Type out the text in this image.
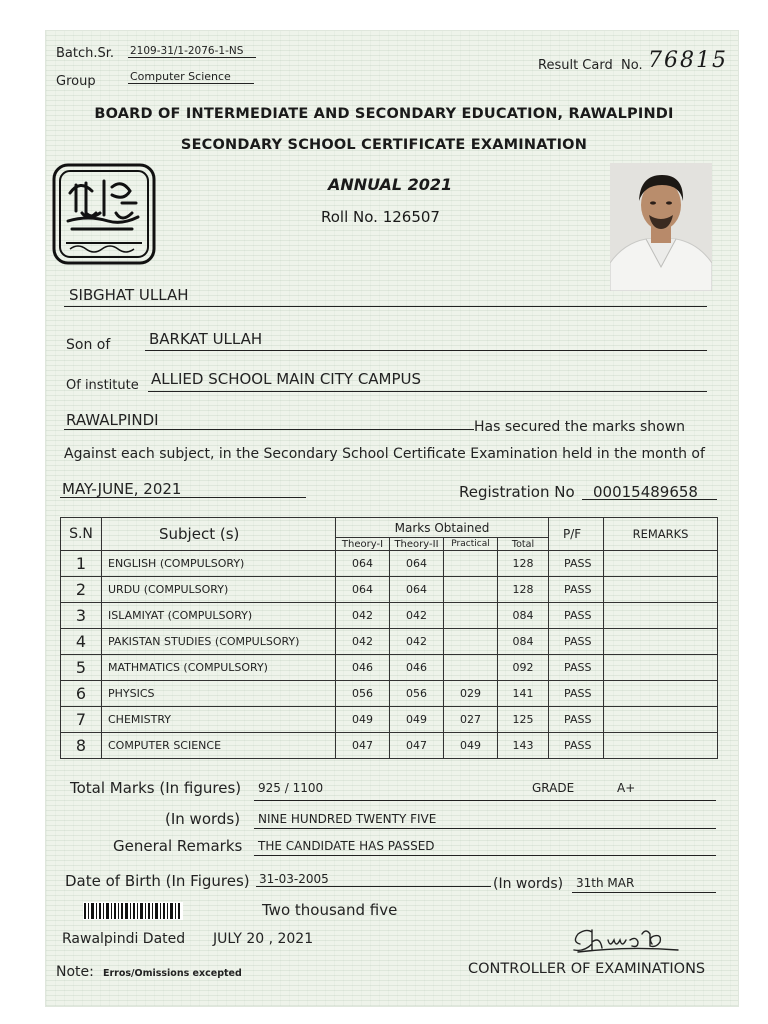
Batch.Sr. 2109-31/1-2076-1-NS
Group	Computer Science
Result Card No. 76815
BOARD OF INTERMEDIATE AND SECONDARY EDUCATION, RAWALPINDI
SECONDARY SCHOOL CERTIFICATE EXAMINATION
ANNUAL 2021
Roll No. 126507
SIBGHAT ULLAH
Son of	BARKAT ULLAH
Of institute ALLIED SCHOOL MAIN CITY CAMPUS
RAWALPINDI	Has secured the marks shown
Against each subject, in the Secondary School Certificate Examination held in the month of
MAY-JUNE, 2021	Registration No 00015489658
S.N	Subject (s)	Marks Obtained				P/F	REMARKS
		Theory-I	Theory-II	Practical	Total		
1	ENGLISH (COMPULSORY)	064	064		128	PASS	
2	URDU (COMPULSORY)	064	064		128	PASS	
3	ISLAMIYAT (COMPULSORY)	042	042		084	PASS	
4	PAKISTAN STUDIES (COMPULSORY)	042	042		084	PASS	
5	MATHMATICS (COMPULSORY)	046	046		092	PASS	
6	PHYSICS	056	056	029	141	PASS	
7	CHEMISTRY	049	049	027	125	PASS	
8	COMPUTER SCIENCE	047	047	049	143	PASS	
Total Marks (In figures) 925 / 1100	GRADE	A+
(In words) NINE HUNDRED TWENTY FIVE
General Remarks THE CANDIDATE HAS PASSED
Date of Birth (In Figures) 31-03-2005	(In words) 31th MAR
Two thousand five
Rawalpindi Dated JULY 20 , 2021
Note: Erros/Omissions excepted	CONTROLLER OF EXAMINATIONS
